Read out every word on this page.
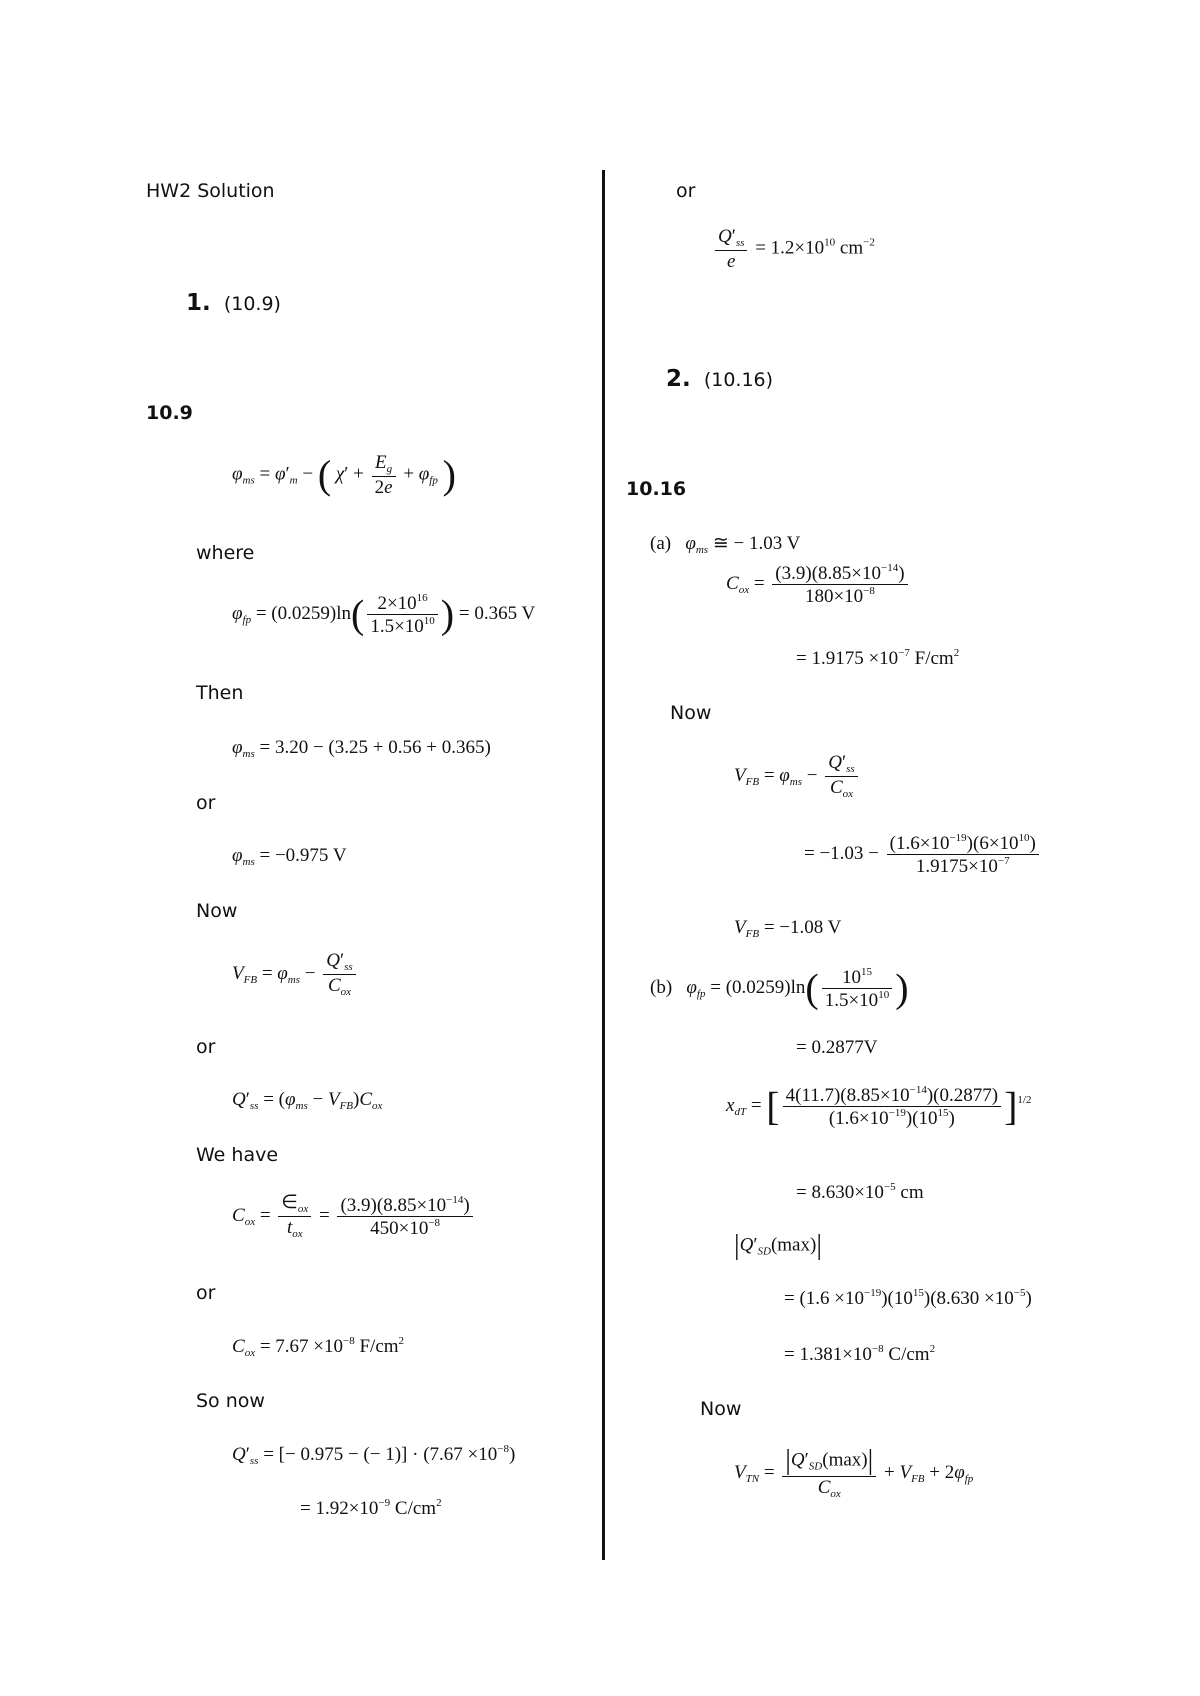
HW2 Solution
1. (10.9)
10.9
$\varphi_{ms} = \varphi'_m$ − ( $\chi' + \frac{E_g}{2e} + \varphi_{fp}$ )
where
$\varphi_{fp} = (0.0259)\ln( \frac{2\times 10^{16}}{1.5\times 10^{10}}$ ) = 0.365 V
Then
$\varphi_{ms} = 3.20 - (3.25 + 0.56 + 0.365)$
or
$\varphi_{ms} = -0.975$ V
Now
$V_{FB} = \varphi_{ms} - \frac{Q'_{ss}}{C_{ox}}$
or
$Q'_{ss} = (\varphi_{ms} - V_{FB})C_{ox}$
We have
$C_{ox} = \frac{\in_{ox}}{t_{ox}} = \frac{(3.9)(8.85\times 10^{-14})}{450\times 10^{-8}}$
or
$C_{ox} = 7.67 \times 10^{-8}$ $F/cm^2$
So now
$Q'_{ss}$ = [− 0.975 − (− $1)] \cdot (7.67 \times 10^{-8})$
= $1.92\times 10^{-9}$ $C/cm^2$
or
$\frac{Q'_{ss}}{e} = 1.2\times 10^{10}$ $cm^{-2}$
2. (10.16)
10.16
(a) $\varphi_{ms}$ ≅ − 1.03 V
$C_{ox} = \frac{(3.9)(8.85\times 10^{-14})}{180\times 10^{-8}}$
= $1.9175 \times 10^{-7}$ $F/cm^2$
Now
$V_{FB} = \varphi_{ms} - \frac{Q'_{ss}}{C_{ox}}$
= $-1.03 - \frac{(1.6\times 10^{-19})(6\times 10^{10})}{1.9175\times 10^{-7}}$
$V_{FB} = -1.08$ V
(b) $\varphi_{fp} = (0.0259)\ln( \frac{10^{15}}{1.5\times 10^{10}}$ )
= 0.2877V
$x_{dT}$ = [ $\frac{4(11.7)(8.85\times 10^{-14})(0.2877)}{(1.6\times 10^{-19})(10^{15})} ]^{1/2}$
= $8.630\times 10^{-5}$ cm
$|Q'_{SD}(\max)|$
= $(1.6 \times 10^{-19})(10^{15})(8.630 \times 10^{-5})$
= $1.381\times 10^{-8}$ $C/cm^2$
Now
$V_{TN} = \frac{|Q'_{SD}(\max)|}{C_{ox}} + V_{FB} + 2\varphi_{fp}$
